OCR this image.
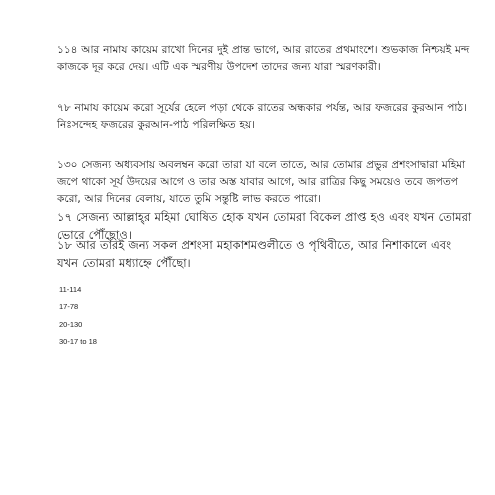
১১৪ আর নামায কায়েম রাখো দিনের দুই প্রান্ত ভাগে, আর রাতের প্রথমাংশে। শুভকাজ নিশ্চয়ই মন্দ কাজকে দূর করে দেয়। এটি এক স্মরণীয় উপদেশ তাদের জন্য যারা স্মরণকারী।

৭৮ নামায কায়েম করো সূর্যের হেলে পড়া থেকে রাতের অন্ধকার পর্যন্ত, আর ফজরের কুরআন পাঠ। নিঃসন্দেহ ফজরের কুরআন-পাঠ পরিলক্ষিত হয়।

১৩০ সেজন্য অধ্যবসায় অবলম্বন করো তারা যা বলে তাতে, আর তোমার প্রভুর প্রশংসাদ্বারা মহিমা জপে থাকো সূর্য উদয়ের আগে ও তার অস্ত যাবার আগে, আর রাত্রির কিছু সময়েও তবে জপতপ করো, আর দিনের বেলায়, যাতে তুমি সন্তুষ্টি লাভ করতে পারো।

১৭ সেজন্য আল্লাহ্‌র মহিমা ঘোষিত হোক যখন তোমরা বিকেল প্রাপ্ত হও এবং যখন তোমরা ভোরে পৌঁছোও।

১৮ আর তাঁরই জন্য সকল প্রশংসা মহাকাশমণ্ডলীতে ও পৃথিবীতে, আর নিশাকালে এবং যখন তোমরা মধ্যাহ্নে পৌঁছো।

11-114
17-78
20-130
30-17 to 18
